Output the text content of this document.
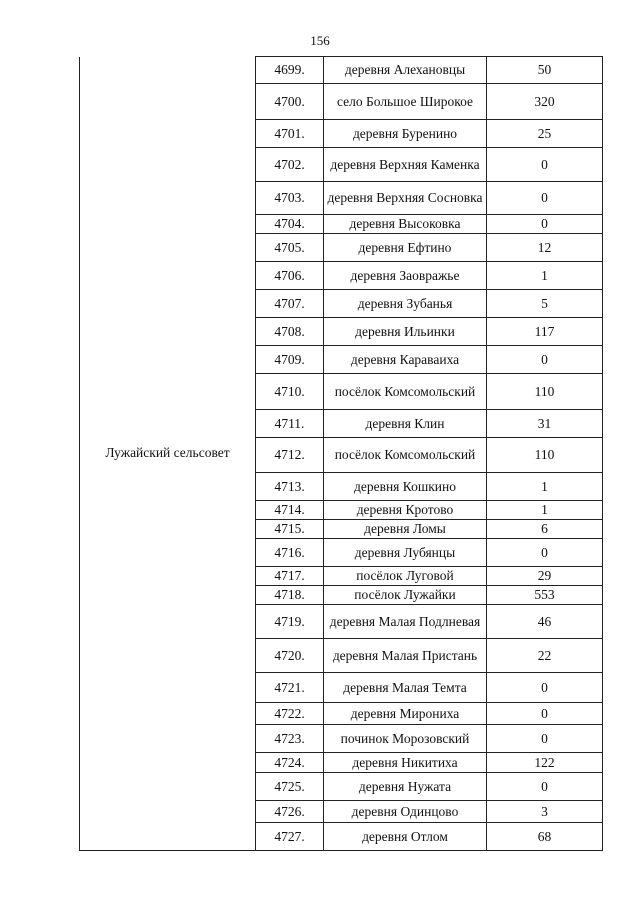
156
Лужайский сельсовет	4699.	деревня Алехановцы	50
	4700.	село Большое Широкое	320
	4701.	деревня Буренино	25
	4702.	деревня Верхняя Каменка	0
	4703.	деревня Верхняя Сосновка	0
	4704.	деревня Высоковка	0
	4705.	деревня Ефтино	12
	4706.	деревня Заовражье	1
	4707.	деревня Зубанья	5
	4708.	деревня Ильинки	117
	4709.	деревня Караваиха	0
	4710.	посёлок Комсомольский	110
	4711.	деревня Клин	31
	4712.	посёлок Комсомольский	110
	4713.	деревня Кошкино	1
	4714.	деревня Кротово	1
	4715.	деревня Ломы	6
	4716.	деревня Лубянцы	0
	4717.	посёлок Луговой	29
	4718.	посёлок Лужайки	553
	4719.	деревня Малая Подлневая	46
	4720.	деревня Малая Пристань	22
	4721.	деревня Малая Темта	0
	4722.	деревня Мирониха	0
	4723.	починок Морозовский	0
	4724.	деревня Никитиха	122
	4725.	деревня Нужата	0
	4726.	деревня Одинцово	3
	4727.	деревня Отлом	68
